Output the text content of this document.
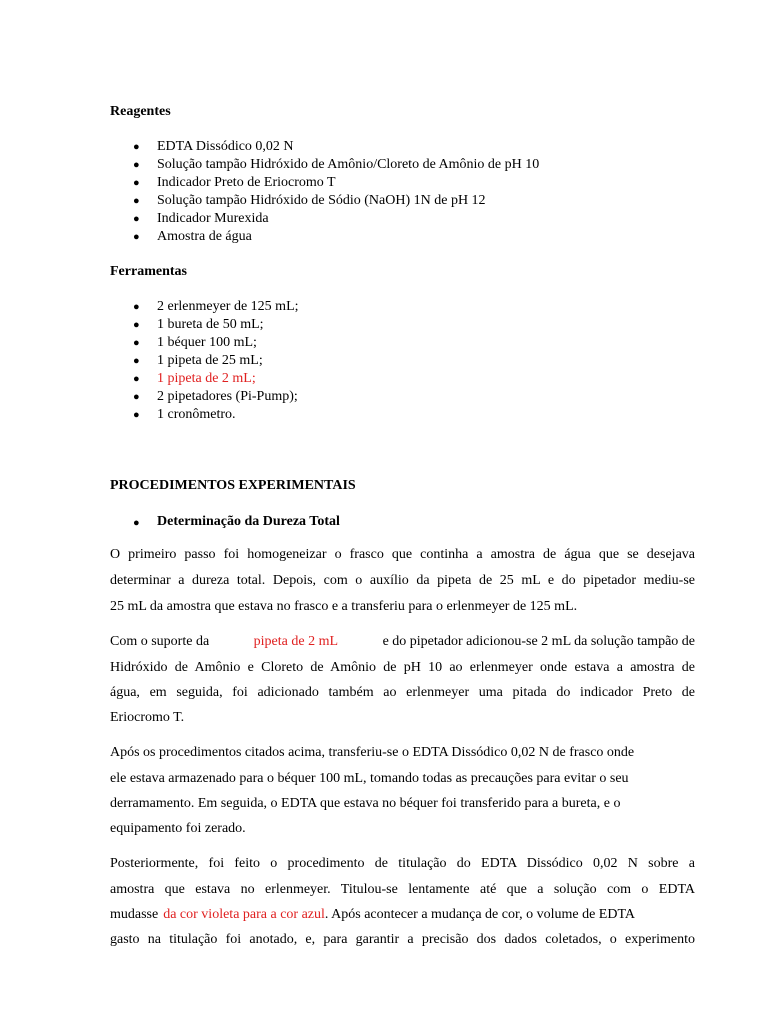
Reagentes
● EDTA Dissódico 0,02 N
● Solução tampão Hidróxido de Amônio/Cloreto de Amônio de pH 10
● Indicador Preto de Eriocromo T
● Solução tampão Hidróxido de Sódio (NaOH) 1N de pH 12
● Indicador Murexida
● Amostra de água
Ferramentas
● 2 erlenmeyer de 125 mL;
● 1 bureta de 50 mL;
● 1 béquer 100 mL;
● 1 pipeta de 25 mL;
● 1 pipeta de 2 mL;
● 2 pipetadores (Pi-Pump);
● 1 cronômetro.
PROCEDIMENTOS EXPERIMENTAIS
● Determinação da Dureza Total
O primeiro passo foi homogeneizar o frasco que continha a amostra de água que se desejava
determinar a dureza total. Depois, com o auxílio da pipeta de 25 mL e do pipetador mediu-se
25 mL da amostra que estava no frasco e a transferiu para o erlenmeyer de 125 mL.
Com o suporte da	pipeta de 2 mL	e do pipetador adicionou-se 2 mL da solução tampão de
Hidróxido de Amônio e Cloreto de Amônio de pH 10 ao erlenmeyer onde estava a amostra de
água, em seguida, foi adicionado também ao erlenmeyer uma pitada do indicador Preto de
Eriocromo T.
Após os procedimentos citados acima, transferiu-se o EDTA Dissódico 0,02 N de frasco onde
ele estava armazenado para o béquer 100 mL, tomando todas as precauções para evitar o seu
derramamento. Em seguida, o EDTA que estava no béquer foi transferido para a bureta, e o
equipamento foi zerado.
Posteriormente, foi feito o procedimento de titulação do EDTA Dissódico 0,02 N sobre a
amostra que estava no erlenmeyer. Titulou-se lentamente até que a solução com o EDTA
mudasse da cor violeta para a cor azul . Após acontecer a mudança de cor, o volume de EDTA
gasto na titulação foi anotado, e, para garantir a precisão dos dados coletados, o experimento
